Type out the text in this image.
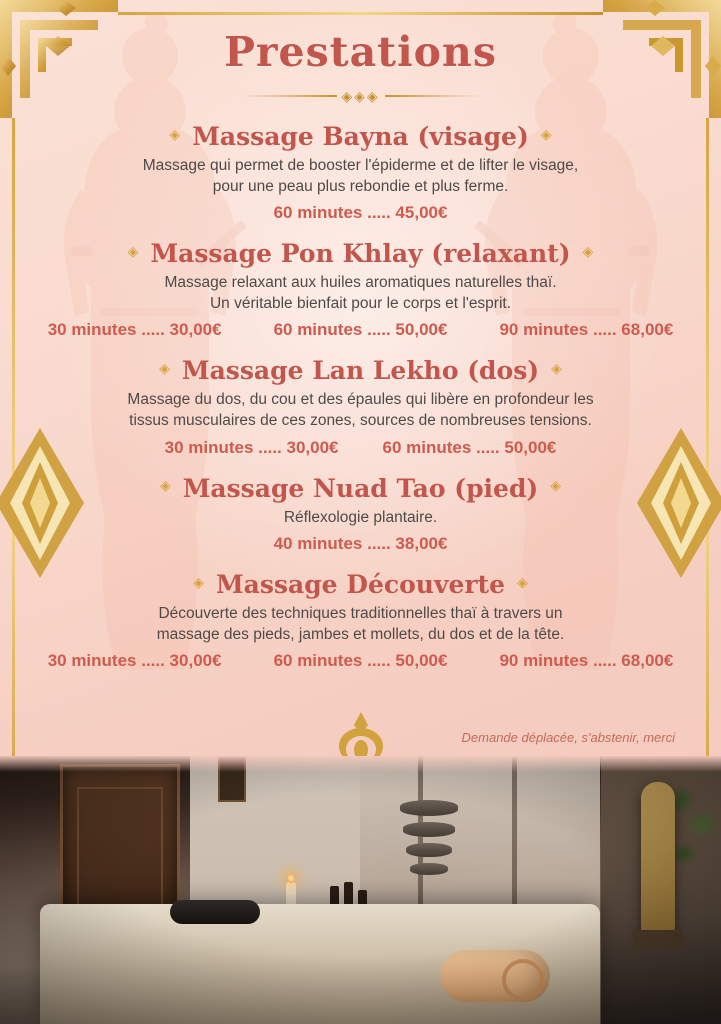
Prestations
◈◈◈
◈ Massage Bayna (visage) ◈
Massage qui permet de booster l'épiderme et de lifter le visage,
pour une peau plus rebondie et plus ferme.
60 minutes ..... 45,00€
◈ Massage Pon Khlay (relaxant) ◈
Massage relaxant aux huiles aromatiques naturelles thaï.
Un véritable bienfait pour le corps et l'esprit.
30 minutes ..... 30,00€	60 minutes ..... 50,00€	90 minutes ..... 68,00€
◈ Massage Lan Lekho (dos) ◈
Massage du dos, du cou et des épaules qui libère en profondeur les
tissus musculaires de ces zones, sources de nombreuses tensions.
30 minutes ..... 30,00€	60 minutes ..... 50,00€
◈ Massage Nuad Tao (pied) ◈
Réflexologie plantaire.
40 minutes ..... 38,00€
◈ Massage Découverte ◈
Découverte des techniques traditionnelles thaï à travers un
massage des pieds, jambes et mollets, du dos et de la tête.
30 minutes ..... 30,00€	60 minutes ..... 50,00€	90 minutes ..... 68,00€
Demande déplacée, s'abstenir, merci
